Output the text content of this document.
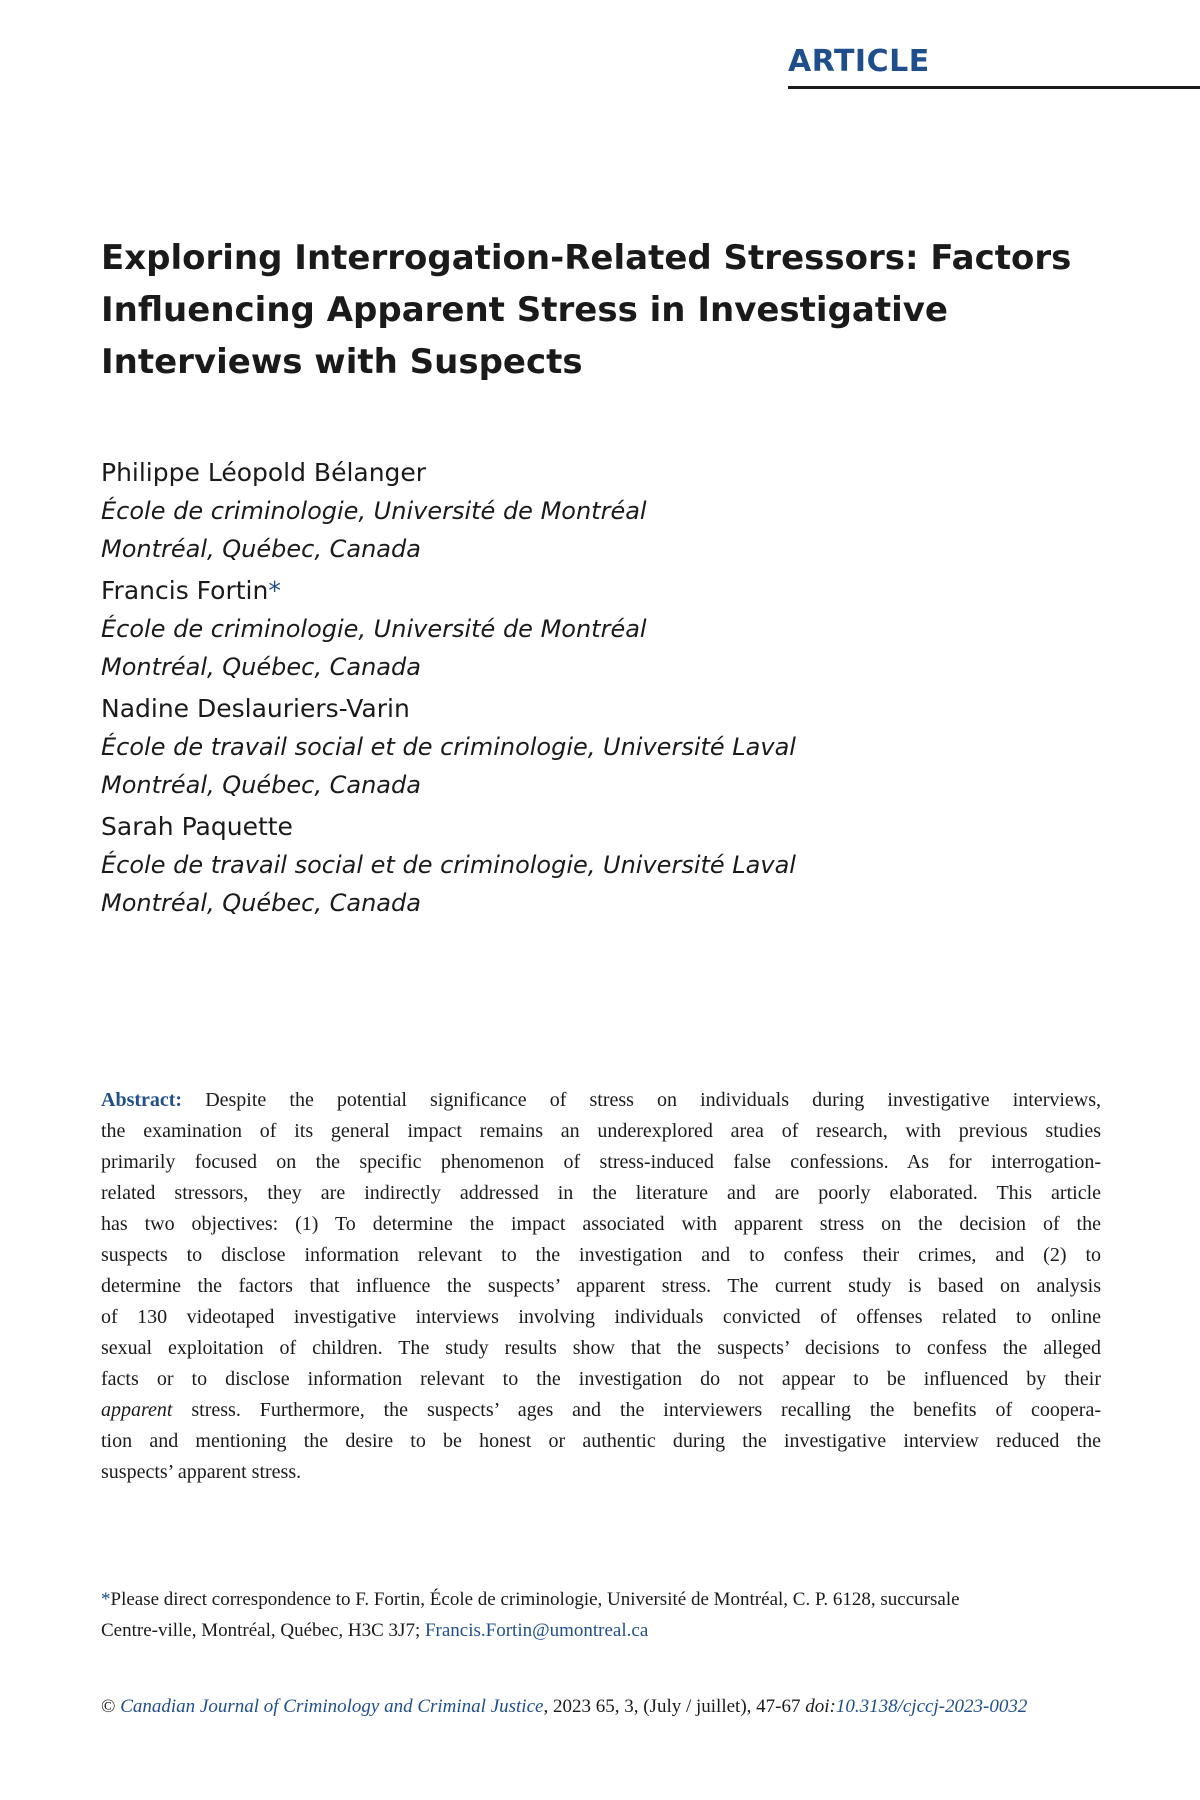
ARTICLE
Exploring Interrogation-Related Stressors: Factors
Influencing Apparent Stress in Investigative
Interviews with Suspects
Philippe Léopold Bélanger
École de criminologie, Université de Montréal
Montréal, Québec, Canada
Francis Fortin*
École de criminologie, Université de Montréal
Montréal, Québec, Canada
Nadine Deslauriers-Varin
École de travail social et de criminologie, Université Laval
Montréal, Québec, Canada
Sarah Paquette
École de travail social et de criminologie, Université Laval
Montréal, Québec, Canada
Abstract: Despite the potential significance of stress on individuals during investigative interviews,
the examination of its general impact remains an underexplored area of research, with previous studies
primarily focused on the specific phenomenon of stress-induced false confessions. As for interrogation-
related stressors, they are indirectly addressed in the literature and are poorly elaborated. This article
has two objectives: (1) To determine the impact associated with apparent stress on the decision of the
suspects to disclose information relevant to the investigation and to confess their crimes, and (2) to
determine the factors that influence the suspects’ apparent stress. The current study is based on analysis
of 130 videotaped investigative interviews involving individuals convicted of offenses related to online
sexual exploitation of children. The study results show that the suspects’ decisions to confess the alleged
facts or to disclose information relevant to the investigation do not appear to be influenced by their
apparent stress. Furthermore, the suspects’ ages and the interviewers recalling the benefits of coopera-
tion and mentioning the desire to be honest or authentic during the investigative interview reduced the
suspects’ apparent stress.
*Please direct correspondence to F. Fortin, École de criminologie, Université de Montréal, C. P. 6128, succursale
Centre-ville, Montréal, Québec, H3C 3J7; Francis.Fortin@umontreal.ca
© Canadian Journal of Criminology and Criminal Justice, 2023 65, 3, (July / juillet), 47-67 doi:10.3138/cjccj-2023-0032
